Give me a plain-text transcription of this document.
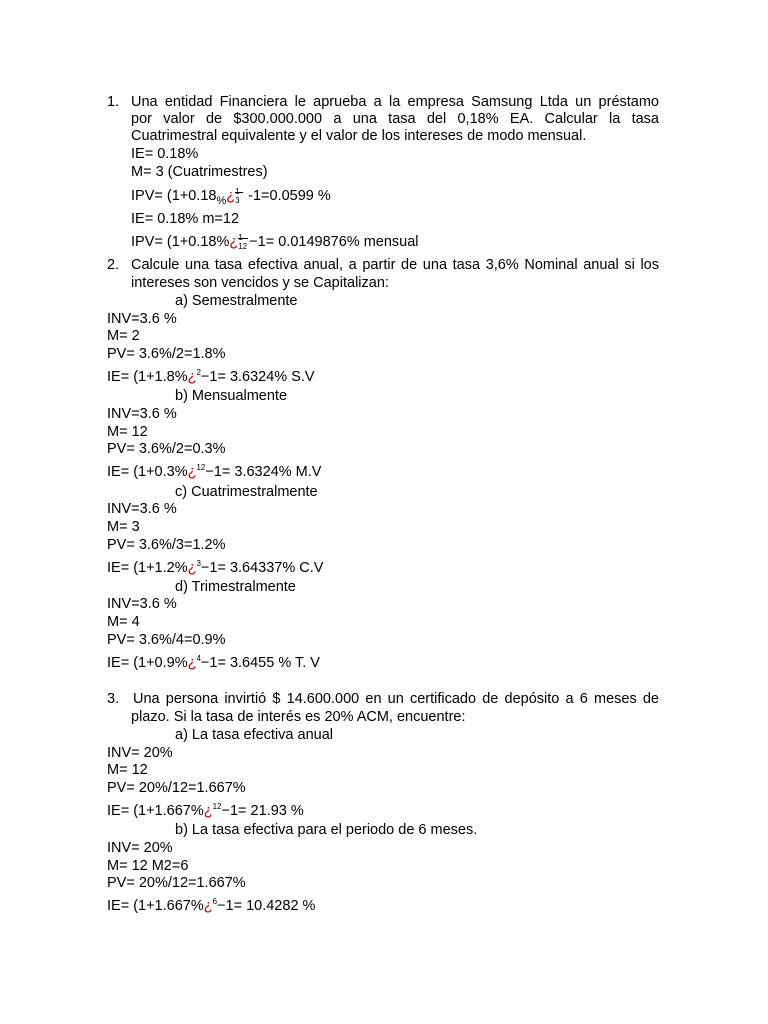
1. Una entidad Financiera le aprueba a la empresa Samsung Ltda un préstamo
por valor de $300.000.000 a una tasa del 0,18% EA. Calcular la tasa
Cuatrimestral equivalente y el valor de los intereses de modo mensual.
IE= 0.18%
M= 3 (Cuatrimestres)
$IPV= (1+0.18_{\%}¿$ 1
3 -1=0.0599 %
IE= 0.18% m=12
IPV= (1+0.18%¿ 1
12 −1= 0.0149876% mensual
2. Calcule una tasa efectiva anual, a partir de una tasa 3,6% Nominal anual si los
intereses son vencidos y se Capitalizan:
a) Semestralmente
INV=3.6 %
M= 2
PV= 3.6%/2=1.8%
IE= (1+1.8%¿$^2$−1= 3.6324% S.V
b) Mensualmente
INV=3.6 %
M= 12
PV= 3.6%/2=0.3%
IE= (1+0.3%¿$^{12}$−1= 3.6324% M.V
c) Cuatrimestralmente
INV=3.6 %
M= 3
PV= 3.6%/3=1.2%
IE= (1+1.2%¿$^3$−1= 3.64337% C.V
d) Trimestralmente
INV=3.6 %
M= 4
PV= 3.6%/4=0.9%
IE= (1+0.9%¿$^4$−1= 3.6455 % T. V
3. Una persona invirtió $ 14.600.000 en un certificado de depósito a 6 meses de
plazo. Si la tasa de interés es 20% ACM, encuentre:
a) La tasa efectiva anual
INV= 20%
M= 12
PV= 20%/12=1.667%
IE= (1+1.667%¿$^{12}$−1= 21.93 %
b) La tasa efectiva para el periodo de 6 meses.
INV= 20%
M= 12 M2=6
PV= 20%/12=1.667%
IE= (1+1.667%¿$^6$−1= 10.4282 %
